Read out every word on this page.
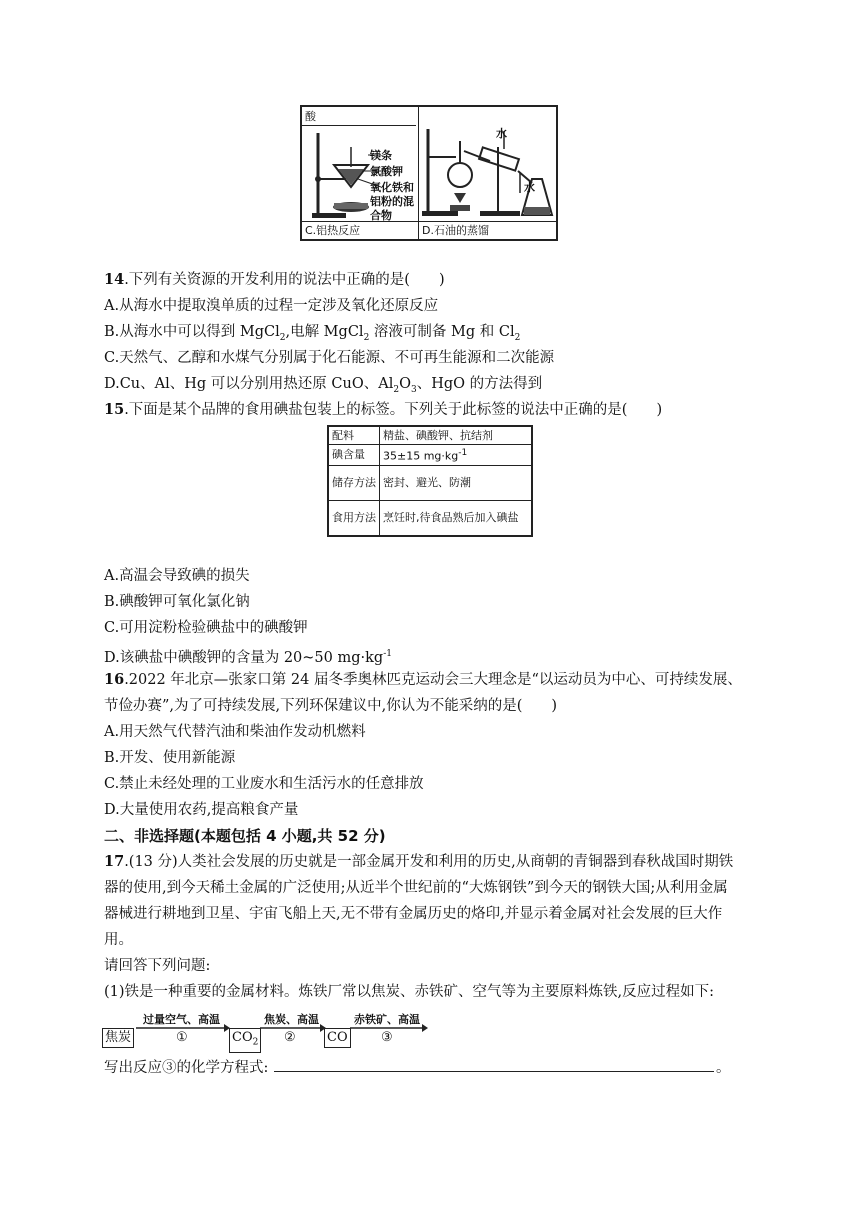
酸
镁条
氯酸钾
氧化铁和
铝粉的混
合物
水
水
C.铝热反应	D.石油的蒸馏
14.下列有关资源的开发利用的说法中正确的是(　　)
A.从海水中提取溴单质的过程一定涉及氧化还原反应
B.从海水中可以得到 MgCl$_2$,电解 MgCl$_2$ 溶液可制备 Mg 和 $Cl_2$
C.天然气、乙醇和水煤气分别属于化石能源、不可再生能源和二次能源
D.Cu、Al、Hg 可以分别用热还原 CuO、$Al_2O_3$、HgO 的方法得到
15.下面是某个品牌的食用碘盐包装上的标签。下列关于此标签的说法中正确的是(　　)
配料	精盐、碘酸钾、抗结剂
碘含量	35±15 $mg\cdot kg^{-1}$
储存方法	密封、避光、防潮
食用方法	烹饪时,待食品熟后加入碘盐
A.高温会导致碘的损失
B.碘酸钾可氧化氯化钠
C.可用淀粉检验碘盐中的碘酸钾
D.该碘盐中碘酸钾的含量为 20~50 $mg\cdot kg^{-1}$
16.2022 年北京—张家口第 24 届冬季奥林匹克运动会三大理念是“以运动员为中心、可持续发展、
节俭办赛”,为了可持续发展,下列环保建议中,你认为不能采纳的是(　　)
A.用天然气代替汽油和柴油作发动机燃料
B.开发、使用新能源
C.禁止未经处理的工业废水和生活污水的任意排放
D.大量使用农药,提高粮食产量
二、非选择题(本题包括 4 小题,共 52 分)
17.(13 分)人类社会发展的历史就是一部金属开发和利用的历史,从商朝的青铜器到春秋战国时期铁
器的使用,到今天稀土金属的广泛使用;从近半个世纪前的“大炼钢铁”到今天的钢铁大国;从利用金属
器械进行耕地到卫星、宇宙飞船上天,无不带有金属历史的烙印,并显示着金属对社会发展的巨大作
用。
请回答下列问题:
(1)铁是一种重要的金属材料。炼铁厂常以焦炭、赤铁矿、空气等为主要原料炼铁,反应过程如下:
焦炭
过量空气、高温
①	$CO_2$
焦炭、高温
② CO
赤铁矿、高温
③
写出反应③的化学方程式:	。
